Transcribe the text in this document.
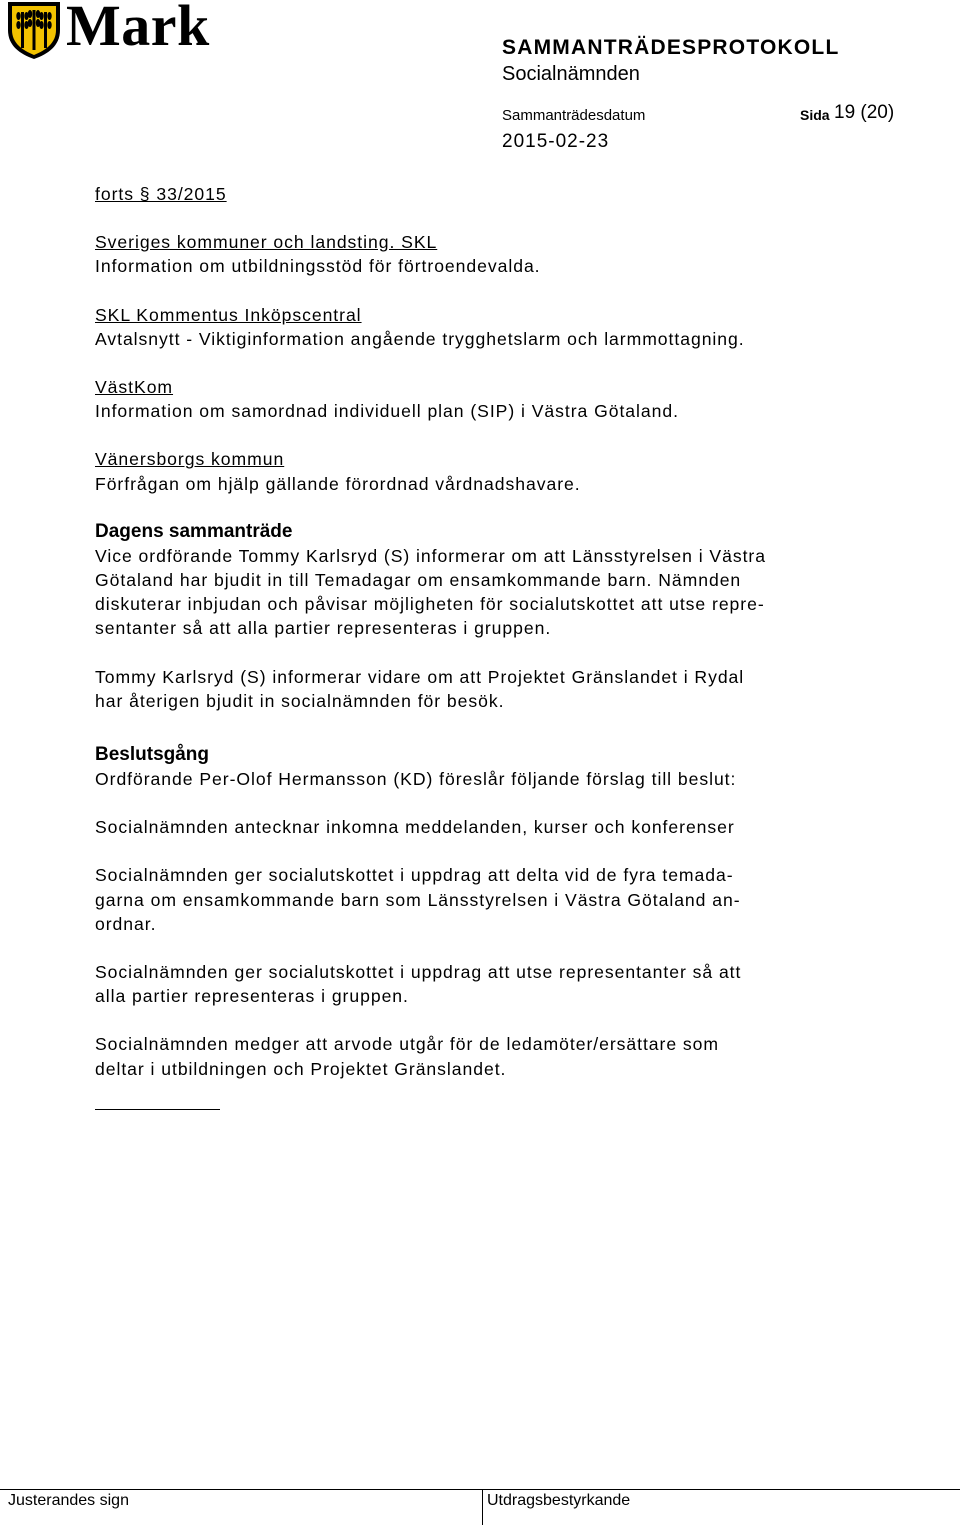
Mark	SAMMANTRÄDESPROTOKOLL
Socialnämnden
Sammanträdesdatum	Sida 19 (20)
2015-02-23

forts § 33/2015

Sveriges kommuner och landsting. SKL

Information om utbildningsstöd för förtroendevalda.

SKL Kommentus Inköpscentral

Avtalsnytt - Viktiginformation angående trygghetslarm och larmmottagning.

VästKom

Information om samordnad individuell plan (SIP) i Västra Götaland.

Vänersborgs kommun

Förfrågan om hjälp gällande förordnad vårdnadshavare.

Dagens sammanträde

Vice ordförande Tommy Karlsryd (S) informerar om att Länsstyrelsen i Västra

Götaland har bjudit in till Temadagar om ensamkommande barn. Nämnden

diskuterar inbjudan och påvisar möjligheten för socialutskottet att utse repre-

sentanter så att alla partier representeras i gruppen.

Tommy Karlsryd (S) informerar vidare om att Projektet Gränslandet i Rydal

har återigen bjudit in socialnämnden för besök.

Beslutsgång

Ordförande Per-Olof Hermansson (KD) föreslår följande förslag till beslut:

Socialnämnden antecknar inkomna meddelanden, kurser och konferenser

Socialnämnden ger socialutskottet i uppdrag att delta vid de fyra temada-

garna om ensamkommande barn som Länsstyrelsen i Västra Götaland an-

ordnar.

Socialnämnden ger socialutskottet i uppdrag att utse representanter så att

alla partier representeras i gruppen.

Socialnämnden medger att arvode utgår för de ledamöter/ersättare som

deltar i utbildningen och Projektet Gränslandet.

Justerandes sign	Utdragsbestyrkande
